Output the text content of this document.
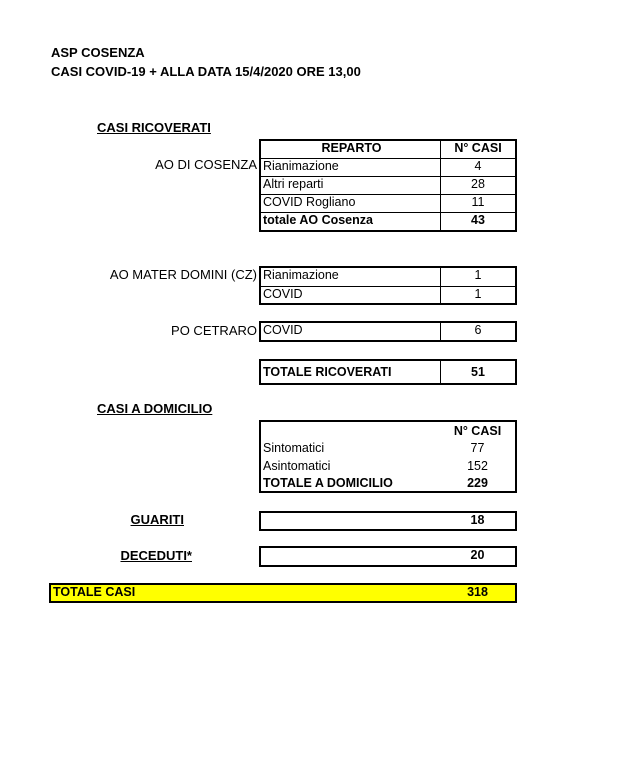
ASP COSENZA
CASI COVID-19 + ALLA DATA 15/4/2020 ORE 13,00
CASI RICOVERATI
AO DI COSENZA
REPARTO	N° CASI
Rianimazione	4
Altri reparti	28
COVID Rogliano	11
totale AO Cosenza	43
AO MATER DOMINI (CZ) Rianimazione	1
COVID	1
PO CETRARO COVID	6
TOTALE RICOVERATI	51
CASI A DOMICILIO
N° CASI
Sintomatici	77
Asintomatici	152
TOTALE A DOMICILIO	229
GUARITI	18
DECEDUTI*	20
TOTALE CASI	318
